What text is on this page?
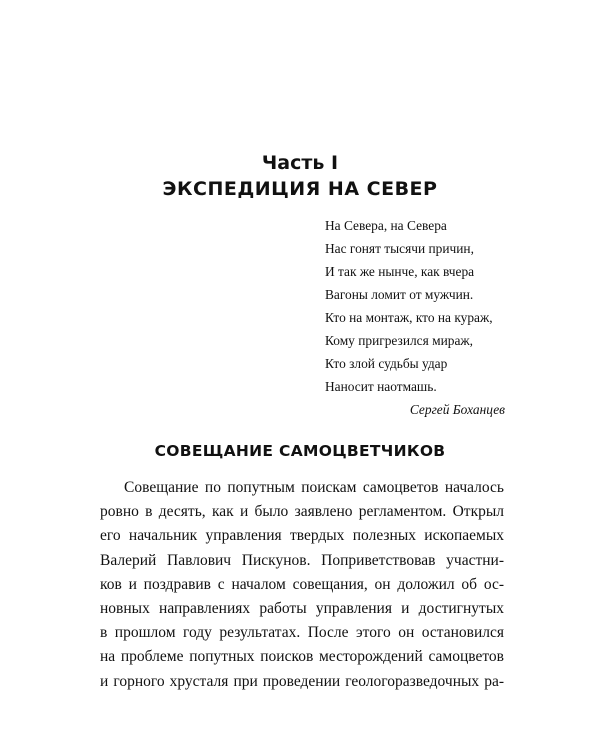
Часть I
ЭКСПЕДИЦИЯ НА СЕВЕР
На Севера, на Севера
Нас гонят тысячи причин,
И так же нынче, как вчера
Вагоны ломит от мужчин.
Кто на монтаж, кто на кураж,
Кому пригрезился мираж,
Кто злой судьбы удар
Наносит наотмашь.
Сергей Боханцев
СОВЕЩАНИЕ САМОЦВЕТЧИКОВ
Совещание по попутным поискам самоцветов началось
ровно в десять, как и было заявлено регламентом. Открыл
его начальник управления твердых полезных ископаемых
Валерий Павлович Пискунов. Поприветствовав участни-
ков и поздравив с началом совещания, он доложил об ос-
новных направлениях работы управления и достигнутых
в прошлом году результатах. После этого он остановился
на проблеме попутных поисков месторождений самоцветов
и горного хрусталя при проведении геологоразведочных ра-
